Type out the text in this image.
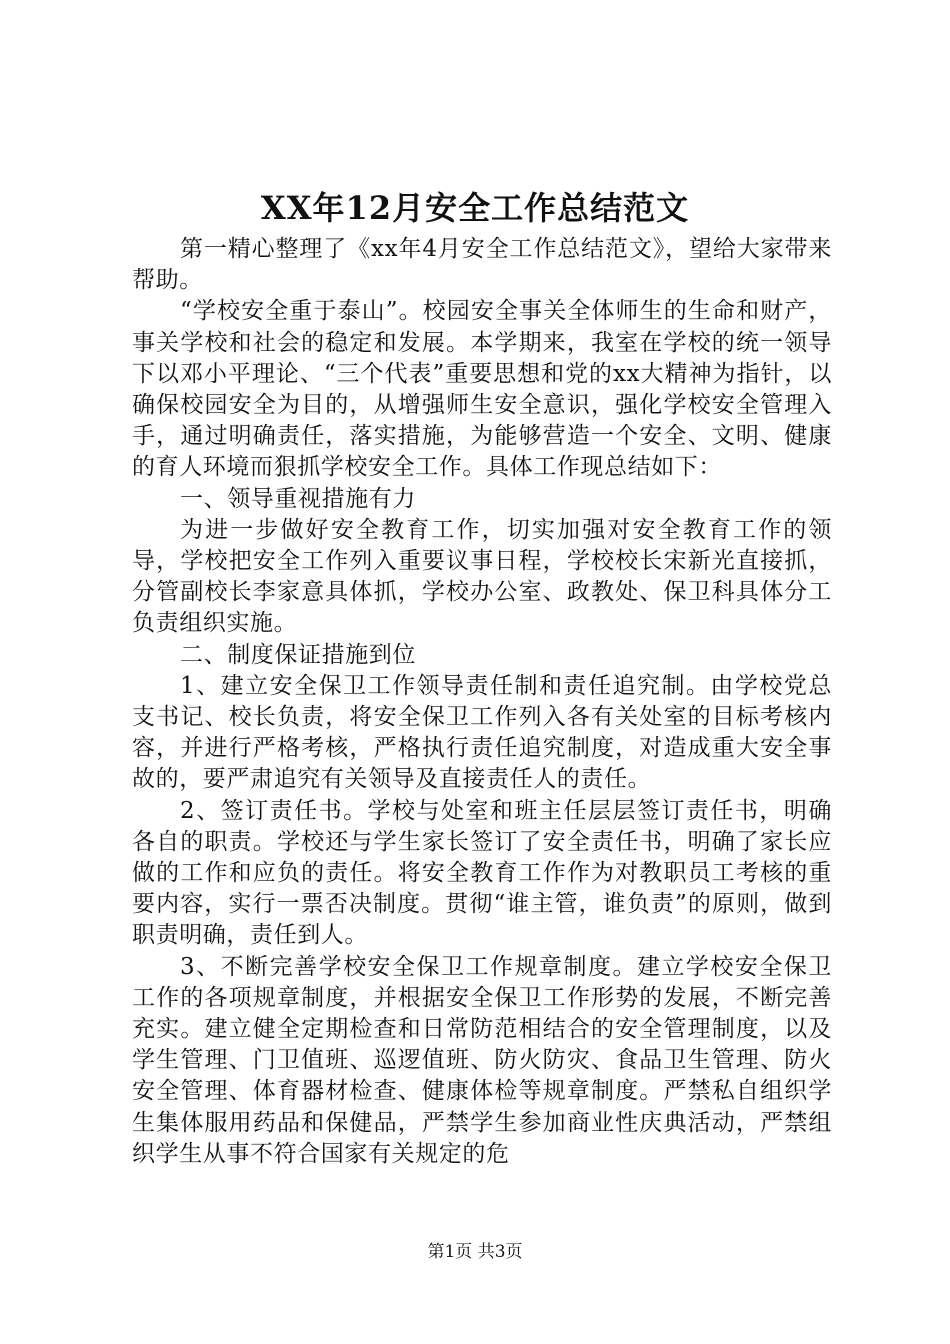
XX年12月安全工作总结范文

第一精心整理了《xx年4月安全工作总结范文》，望给大家带来帮助。

“学校安全重于泰山”。校园安全事关全体师生的生命和财产，事关学校和社会的稳定和发展。本学期来，我室在学校的统一领导下以邓小平理论、“三个代表”重要思想和党的xx大精神为指针，以确保校园安全为目的，从增强师生安全意识，强化学校安全管理入手，通过明确责任，落实措施，为能够营造一个安全、文明、健康的育人环境而狠抓学校安全工作。具体工作现总结如下：

一、领导重视措施有力

为进一步做好安全教育工作，切实加强对安全教育工作的领导，学校把安全工作列入重要议事日程，学校校长宋新光直接抓，分管副校长李家意具体抓，学校办公室、政教处、保卫科具体分工负责组织实施。

二、制度保证措施到位

1、建立安全保卫工作领导责任制和责任追究制。由学校党总支书记、校长负责，将安全保卫工作列入各有关处室的目标考核内容，并进行严格考核，严格执行责任追究制度，对造成重大安全事故的，要严肃追究有关领导及直接责任人的责任。

2、签订责任书。学校与处室和班主任层层签订责任书，明确各自的职责。学校还与学生家长签订了安全责任书，明确了家长应做的工作和应负的责任。将安全教育工作作为对教职员工考核的重要内容，实行一票否决制度。贯彻“谁主管，谁负责”的原则，做到职责明确，责任到人。

3、不断完善学校安全保卫工作规章制度。建立学校安全保卫工作的各项规章制度，并根据安全保卫工作形势的发展，不断完善充实。建立健全定期检查和日常防范相结合的安全管理制度，以及学生管理、门卫值班、巡逻值班、防火防灾、食品卫生管理、防火安全管理、体育器材检查、健康体检等规章制度。严禁私自组织学生集体服用药品和保健品，严禁学生参加商业性庆典活动，严禁组织学生从事不符合国家有关规定的危

第1页 共3页
